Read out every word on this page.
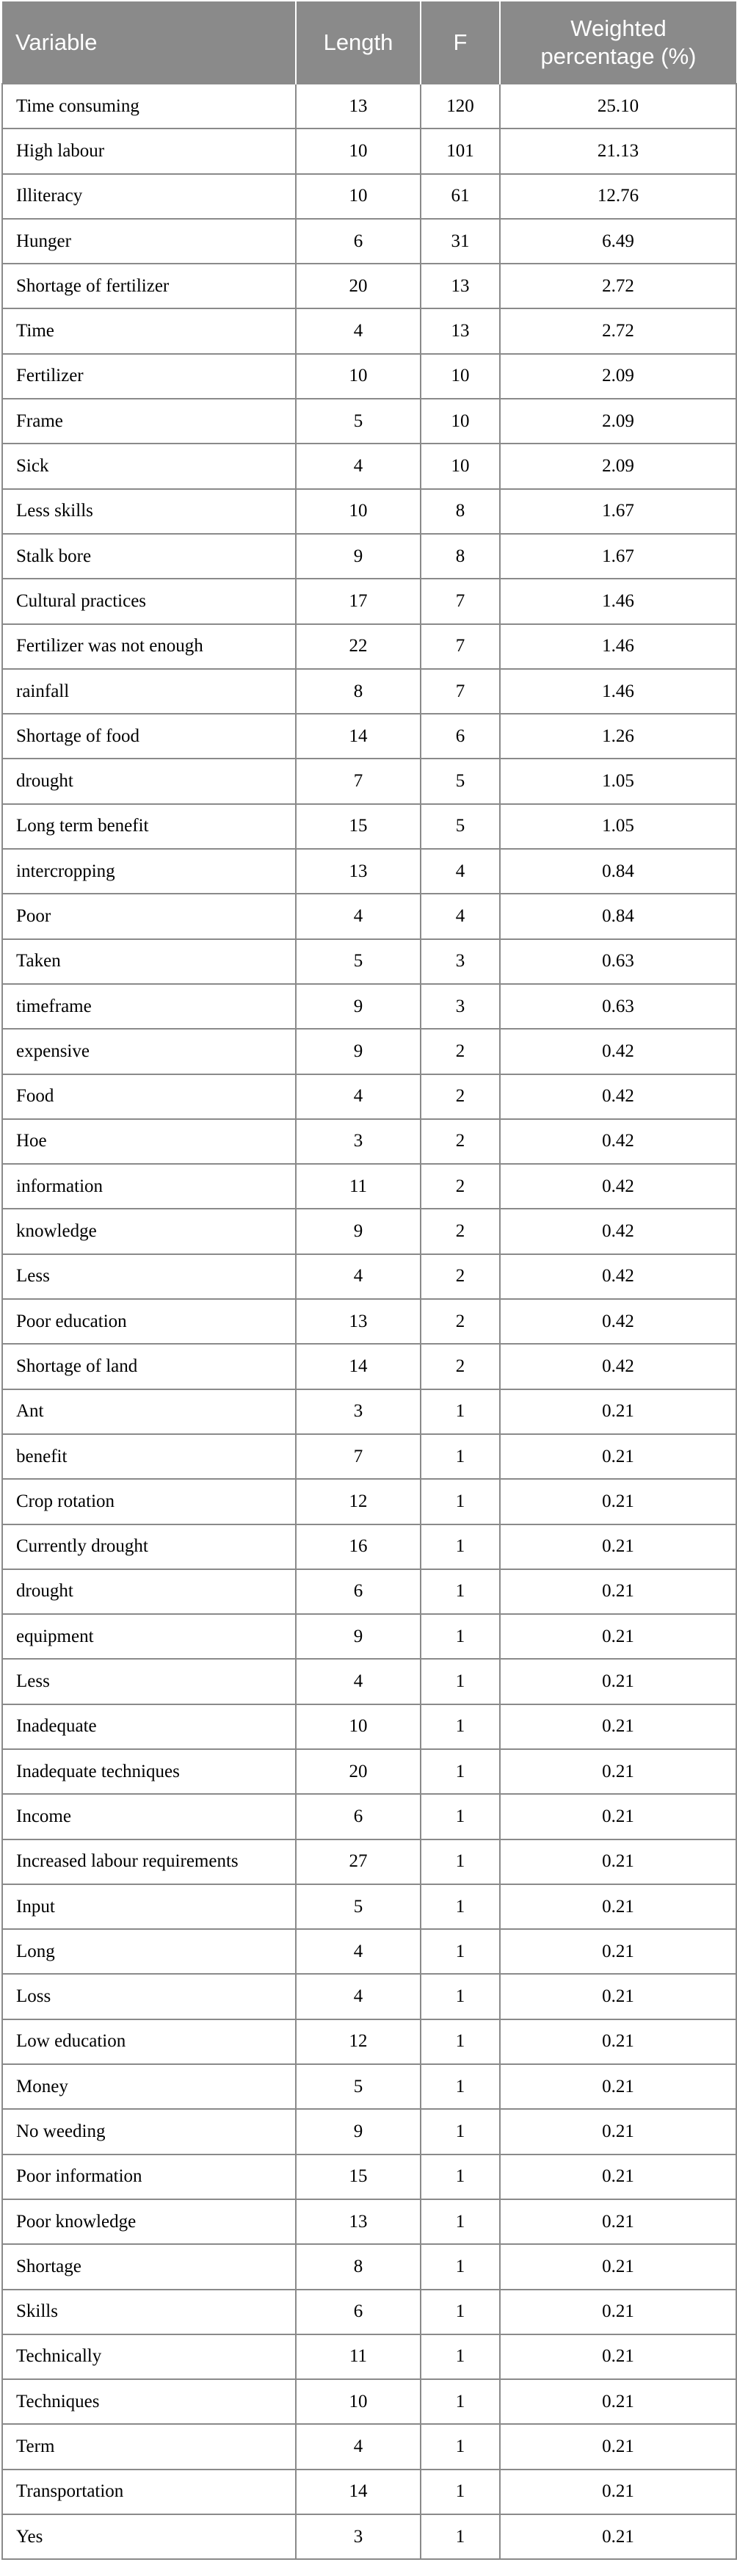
Variable	Length	F	Weighted percentage (%)
Time consuming	13	120	25.10
High labour	10	101	21.13
Illiteracy	10	61	12.76
Hunger	6	31	6.49
Shortage of fertilizer	20	13	2.72
Time	4	13	2.72
Fertilizer	10	10	2.09
Frame	5	10	2.09
Sick	4	10	2.09
Less skills	10	8	1.67
Stalk bore	9	8	1.67
Cultural practices	17	7	1.46
Fertilizer was not enough	22	7	1.46
rainfall	8	7	1.46
Shortage of food	14	6	1.26
drought	7	5	1.05
Long term benefit	15	5	1.05
intercropping	13	4	0.84
Poor	4	4	0.84
Taken	5	3	0.63
timeframe	9	3	0.63
expensive	9	2	0.42
Food	4	2	0.42
Hoe	3	2	0.42
information	11	2	0.42
knowledge	9	2	0.42
Less	4	2	0.42
Poor education	13	2	0.42
Shortage of land	14	2	0.42
Ant	3	1	0.21
benefit	7	1	0.21
Crop rotation	12	1	0.21
Currently drought	16	1	0.21
drought	6	1	0.21
equipment	9	1	0.21
Less	4	1	0.21
Inadequate	10	1	0.21
Inadequate techniques	20	1	0.21
Income	6	1	0.21
Increased labour requirements	27	1	0.21
Input	5	1	0.21
Long	4	1	0.21
Loss	4	1	0.21
Low education	12	1	0.21
Money	5	1	0.21
No weeding	9	1	0.21
Poor information	15	1	0.21
Poor knowledge	13	1	0.21
Shortage	8	1	0.21
Skills	6	1	0.21
Technically	11	1	0.21
Techniques	10	1	0.21
Term	4	1	0.21
Transportation	14	1	0.21
Yes	3	1	0.21
